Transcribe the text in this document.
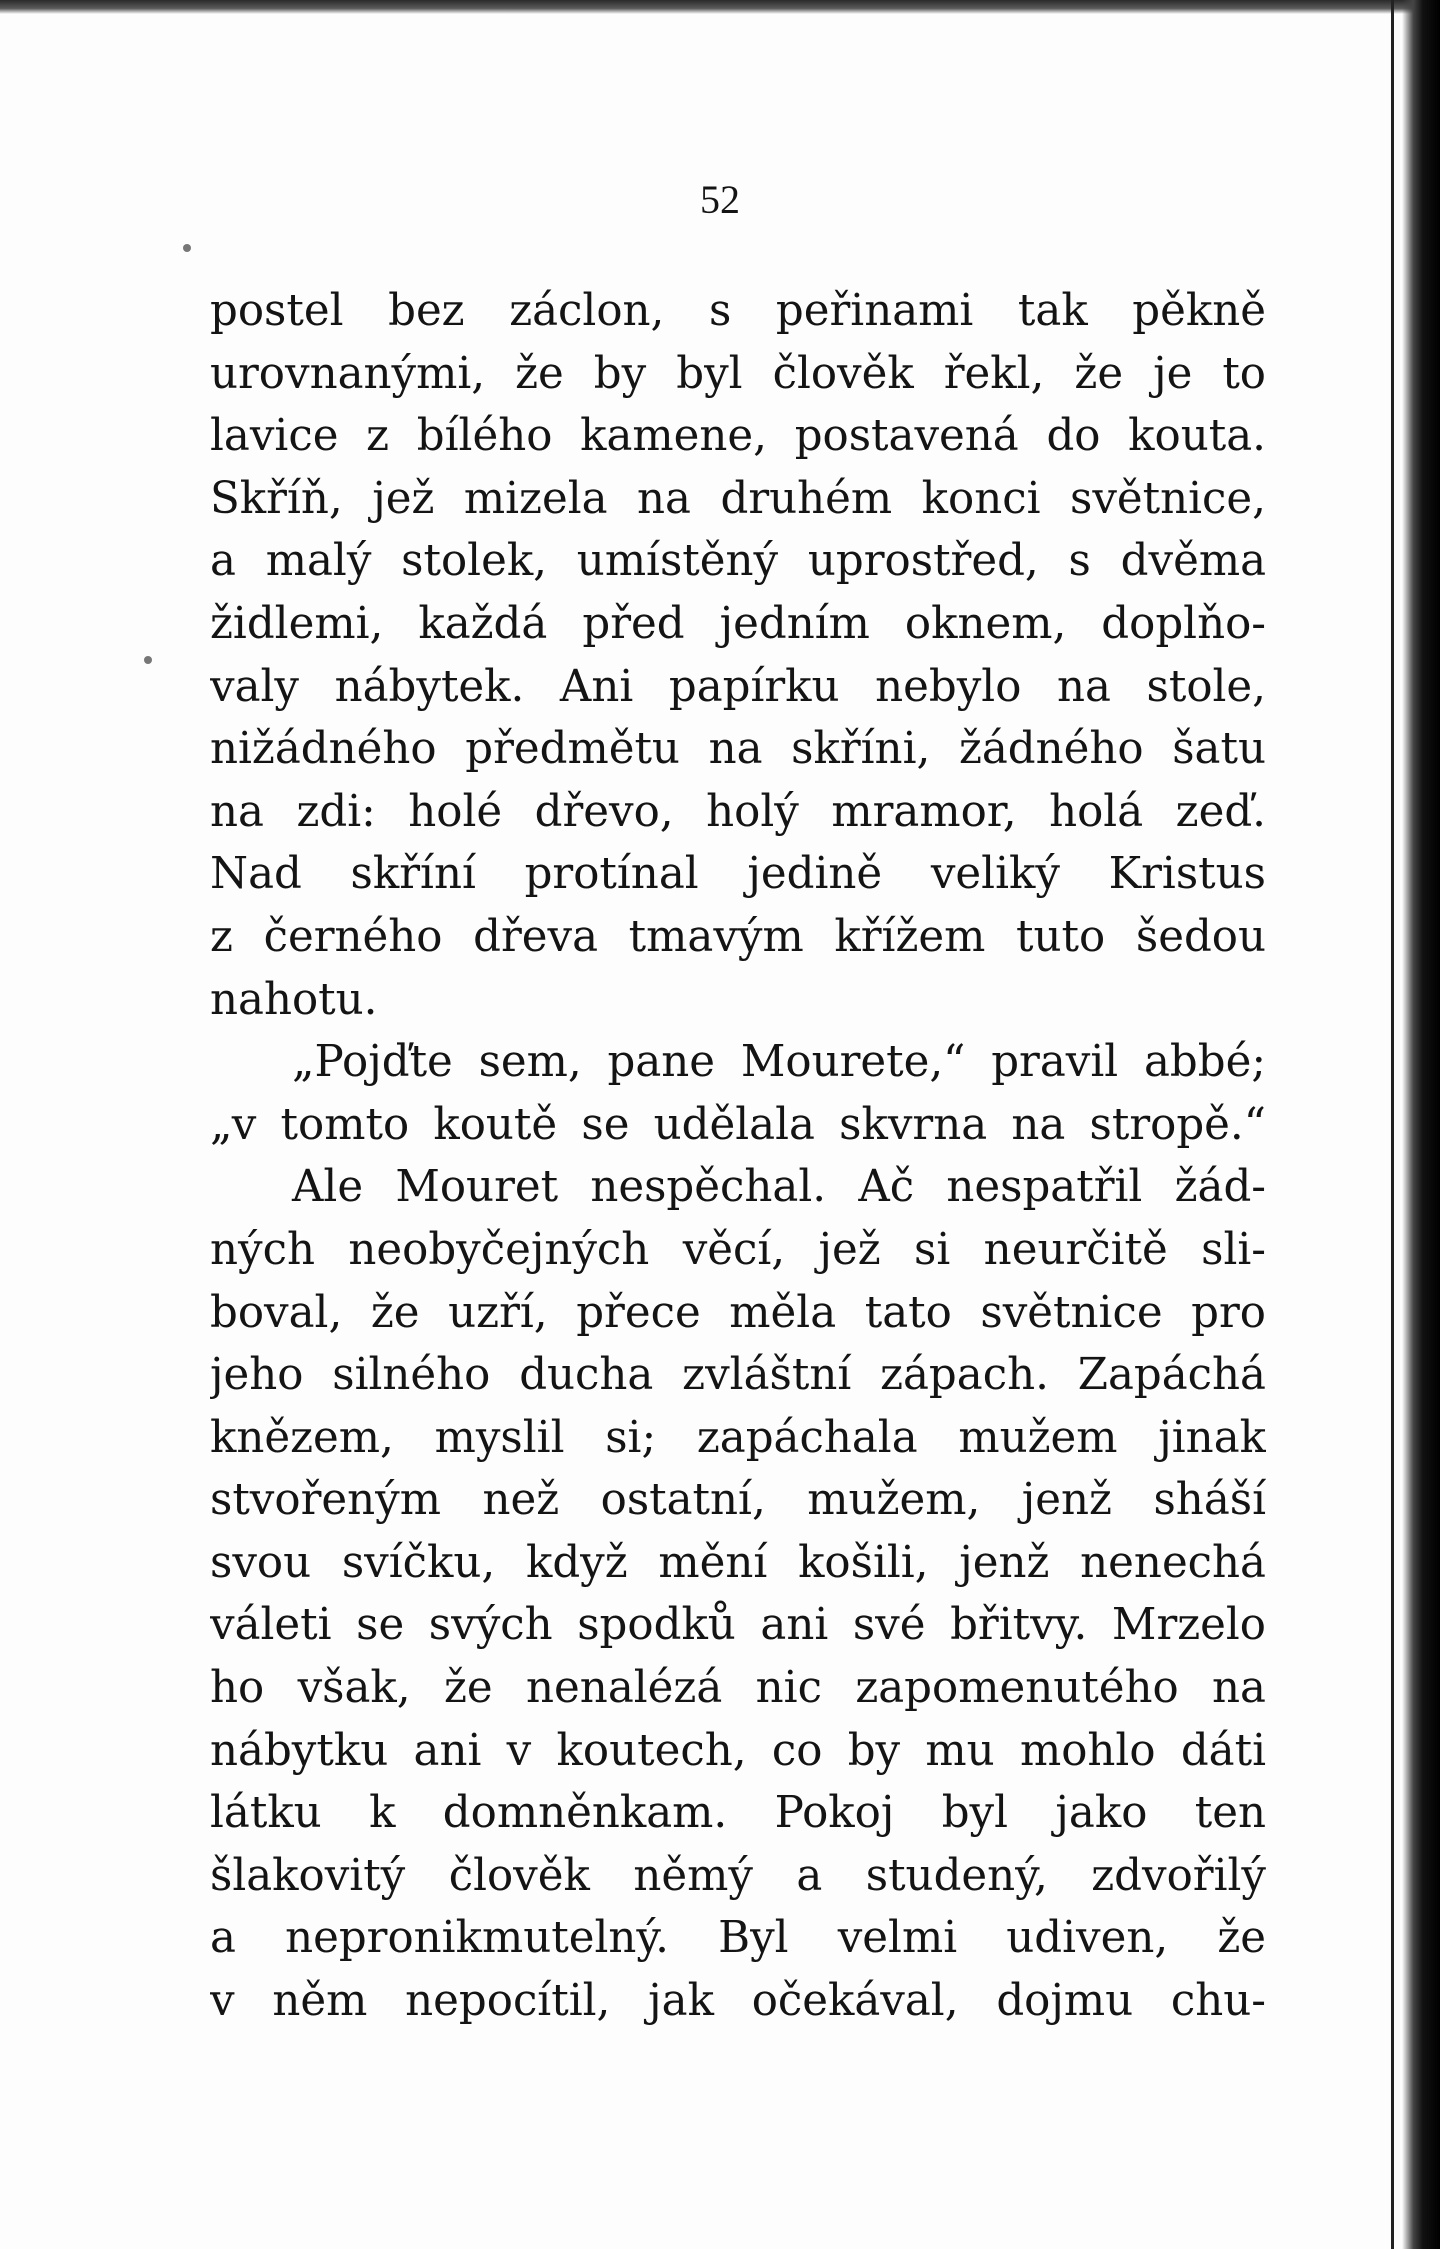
52
postel bez záclon, s peřinami tak pěkně
urovnanými, že by byl člověk řekl, že je to
lavice z bílého kamene, postavená do kouta.
Skříň, jež mizela na druhém konci světnice,
a malý stolek, umístěný uprostřed, s dvěma
židlemi, každá před jedním oknem, doplňo-
valy nábytek. Ani papírku nebylo na stole,
nižádného předmětu na skříni, žádného šatu
na zdi: holé dřevo, holý mramor, holá zeď.
Nad skříní protínal jedině veliký Kristus
z černého dřeva tmavým křížem tuto šedou
nahotu.
„Pojďte sem, pane Mourete,“ pravil abbé;
„v tomto koutě se udělala skvrna na stropě.“
Ale Mouret nespěchal. Ač nespatřil žád-
ných neobyčejných věcí, jež si neurčitě sli-
boval, že uzří, přece měla tato světnice pro
jeho silného ducha zvláštní zápach. Zapáchá
knězem, myslil si; zapáchala mužem jinak
stvořeným než ostatní, mužem, jenž sháší
svou svíčku, když mění košili, jenž nenechá
váleti se svých spodků ani své břitvy. Mrzelo
ho však, že nenalézá nic zapomenutého na
nábytku ani v koutech, co by mu mohlo dáti
látku k domněnkam. Pokoj byl jako ten
šlakovitý člověk němý a studený, zdvořilý
a nepronikmutelný. Byl velmi udiven, že
v něm nepocítil, jak očekával, dojmu chu-
